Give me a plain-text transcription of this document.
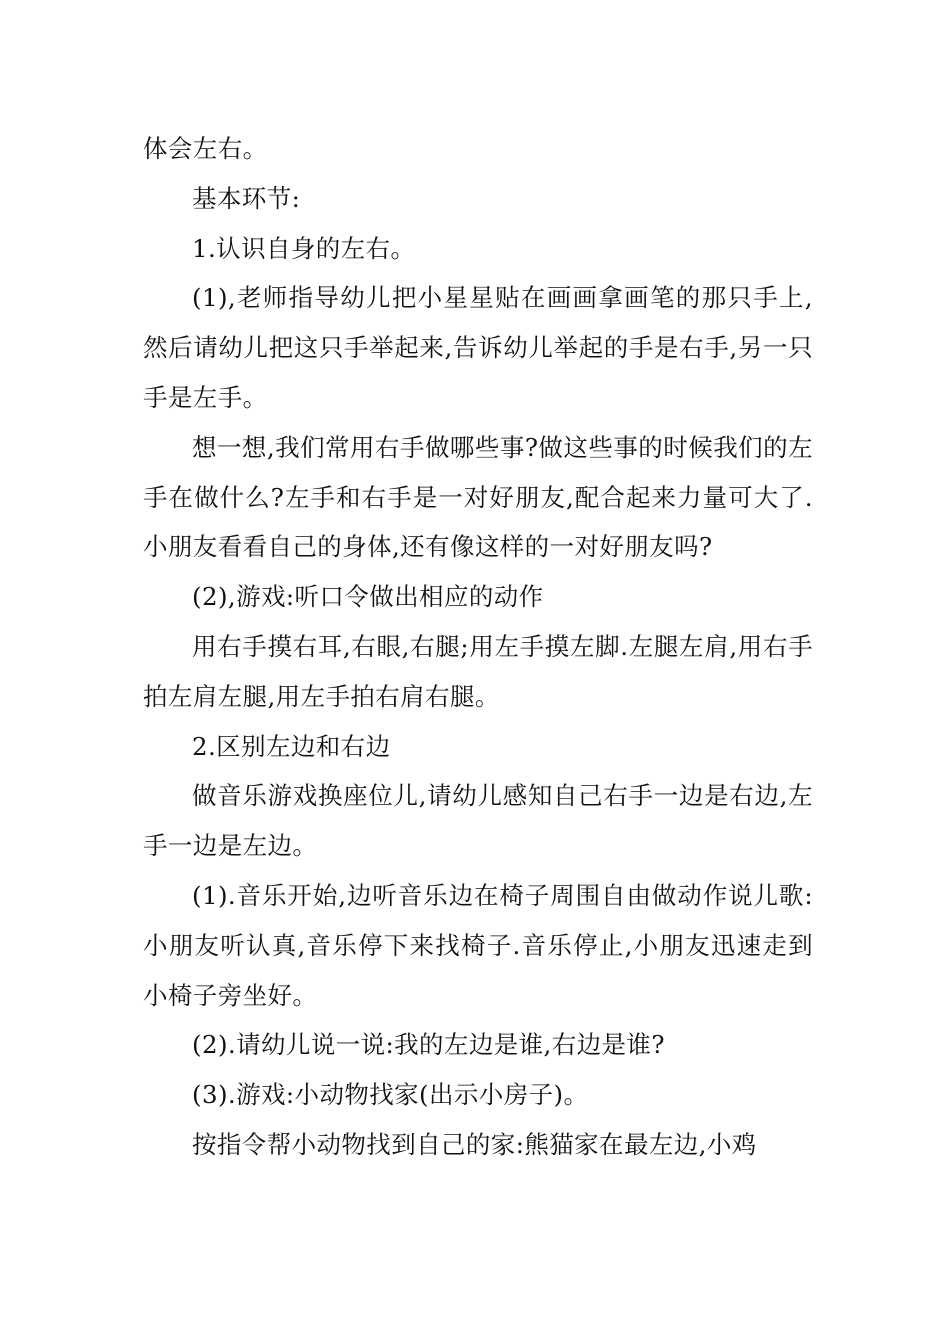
体会左右。

基本环节:

1.认识自身的左右。

(1),老师指导幼儿把小星星贴在画画拿画笔的那只手上,然后请幼儿把这只手举起来,告诉幼儿举起的手是右手,另一只手是左手。

想一想,我们常用右手做哪些事?做这些事的时候我们的左手在做什么?左手和右手是一对好朋友,配合起来力量可大了.小朋友看看自己的身体,还有像这样的一对好朋友吗?

(2),游戏:听口令做出相应的动作

用右手摸右耳,右眼,右腿;用左手摸左脚.左腿左肩,用右手拍左肩左腿,用左手拍右肩右腿。

2.区别左边和右边

做音乐游戏换座位儿,请幼儿感知自己右手一边是右边,左手一边是左边。

(1).音乐开始,边听音乐边在椅子周围自由做动作说儿歌:小朋友听认真,音乐停下来找椅子.音乐停止,小朋友迅速走到小椅子旁坐好。

(2).请幼儿说一说:我的左边是谁,右边是谁?

(3).游戏:小动物找家(出示小房子)。

按指令帮小动物找到自己的家:熊猫家在最左边,小鸡
